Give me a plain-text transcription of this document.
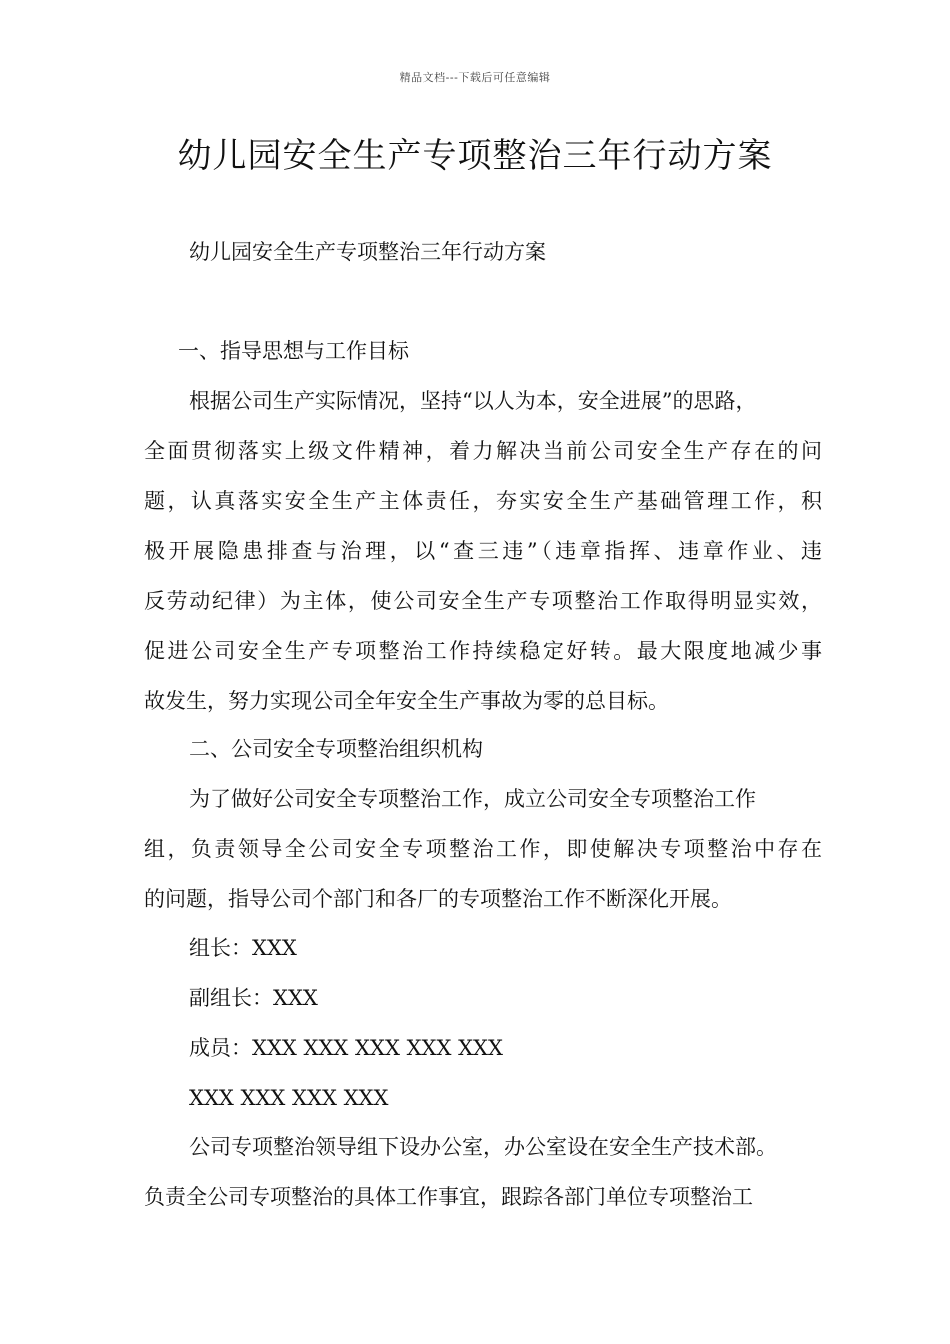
精品文档---下载后可任意编辑
幼儿园安全生产专项整治三年行动方案

幼儿园安全生产专项整治三年行动方案

一、指导思想与工作目标

根据公司生产实际情况，坚持“以人为本，安全进展”的思路，

全面贯彻落实上级文件精神，着力解决当前公司安全生产存在的问

题，认真落实安全生产主体责任，夯实安全生产基础管理工作，积

极开展隐患排查与治理，以“查三违”（违章指挥、违章作业、违

反劳动纪律）为主体，使公司安全生产专项整治工作取得明显实效，

促进公司安全生产专项整治工作持续稳定好转。最大限度地减少事

故发生，努力实现公司全年安全生产事故为零的总目标。

二、公司安全专项整治组织机构

为了做好公司安全专项整治工作，成立公司安全专项整治工作

组，负责领导全公司安全专项整治工作，即使解决专项整治中存在

的问题，指导公司个部门和各厂的专项整治工作不断深化开展。

组长：XXX

副组长：XXX

成员：XXX XXX XXX XXX XXX

XXX XXX XXX XXX

公司专项整治领导组下设办公室，办公室设在安全生产技术部。

负责全公司专项整治的具体工作事宜，跟踪各部门单位专项整治工
